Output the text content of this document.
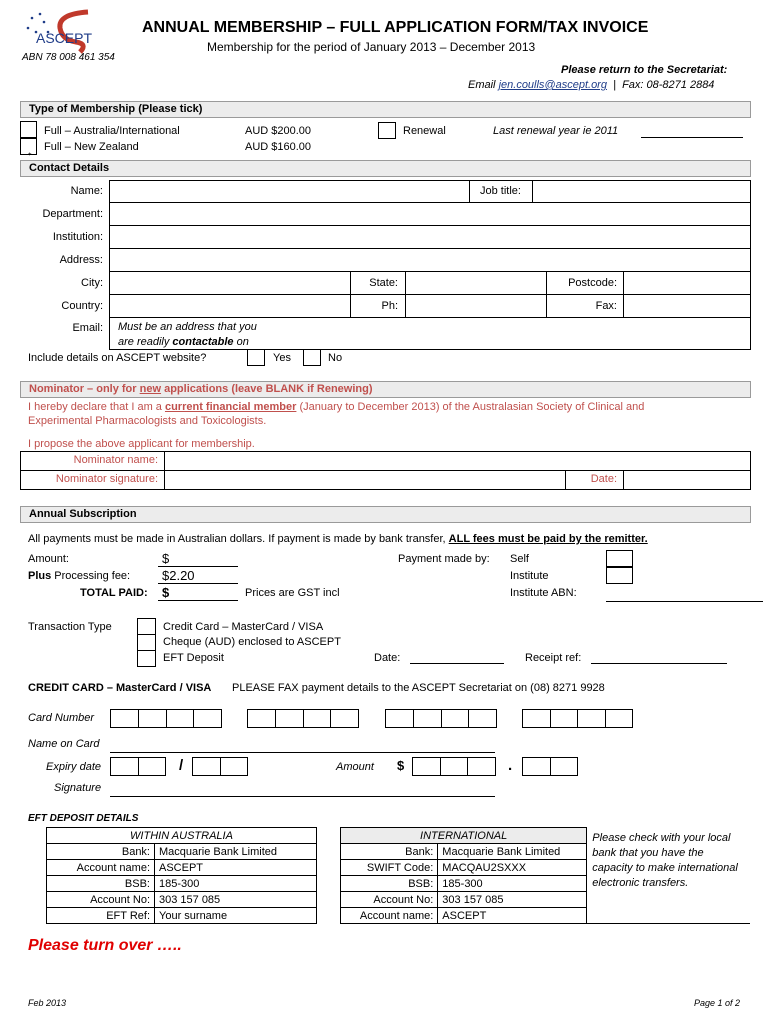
ASCEPT
ABN 78 008 461 354
ANNUAL MEMBERSHIP – FULL APPLICATION FORM/TAX INVOICE
Membership for the period of January 2013 – December 2013
Please return to the Secretariat:
Email jen.coulls@ascept.org | Fax: 08-8271 2884
Type of Membership (Please tick)
Full – Australia/International	AUD $200.00
Full – New Zealand	AUD $160.00
Renewal	Last renewal year ie 2011
+
Contact Details
Name:	Job title:
Department:
Institution:
Address:
City:	State:	Postcode:
Country:	Ph:	Fax:
Email: Must be an address that you
are readily contactable on
Include details on ASCEPT website?	Yes	No
Nominator – only for new applications (leave BLANK if Renewing)
I hereby declare that I am a current financial member (January to December 2013) of the Australasian Society of Clinical and
Experimental Pharmacologists and Toxicologists.
I propose the above applicant for membership.
Nominator name:
Nominator signature:	Date:
Annual Subscription
All payments must be made in Australian dollars. If payment is made by bank transfer, ALL fees must be paid by the remitter.
Amount:	$
Plus Processing fee: $2.20
TOTAL PAID: $	Prices are GST incl
Payment made by: Self
Institute
Institute ABN:
Transaction Type	Credit Card – MasterCard / VISA
Cheque (AUD) enclosed to ASCEPT
EFT Deposit	Date:	Receipt ref:
CREDIT CARD – MasterCard / VISA PLEASE FAX payment details to the ASCEPT Secretariat on (08) 8271 9928
Card Number
Name on Card
Expiry date	/	Amount $	.
Signature
EFT DEPOSIT DETAILS
WITHIN AUSTRALIA	
Bank:	Macquarie Bank Limited
Account name:	ASCEPT
BSB:	185-300
Account No:	303 157 085
EFT Ref:	Your surname
INTERNATIONAL		Please check with your local bank that you have the capacity to make international electronic transfers.
Bank:	Macquarie Bank Limited	
SWIFT Code:	MACQAU2SXXX	
BSB:	185-300	
Account No:	303 157 085	
Account name:	ASCEPT	
Please turn over …..
Feb 2013	Page 1 of 2
